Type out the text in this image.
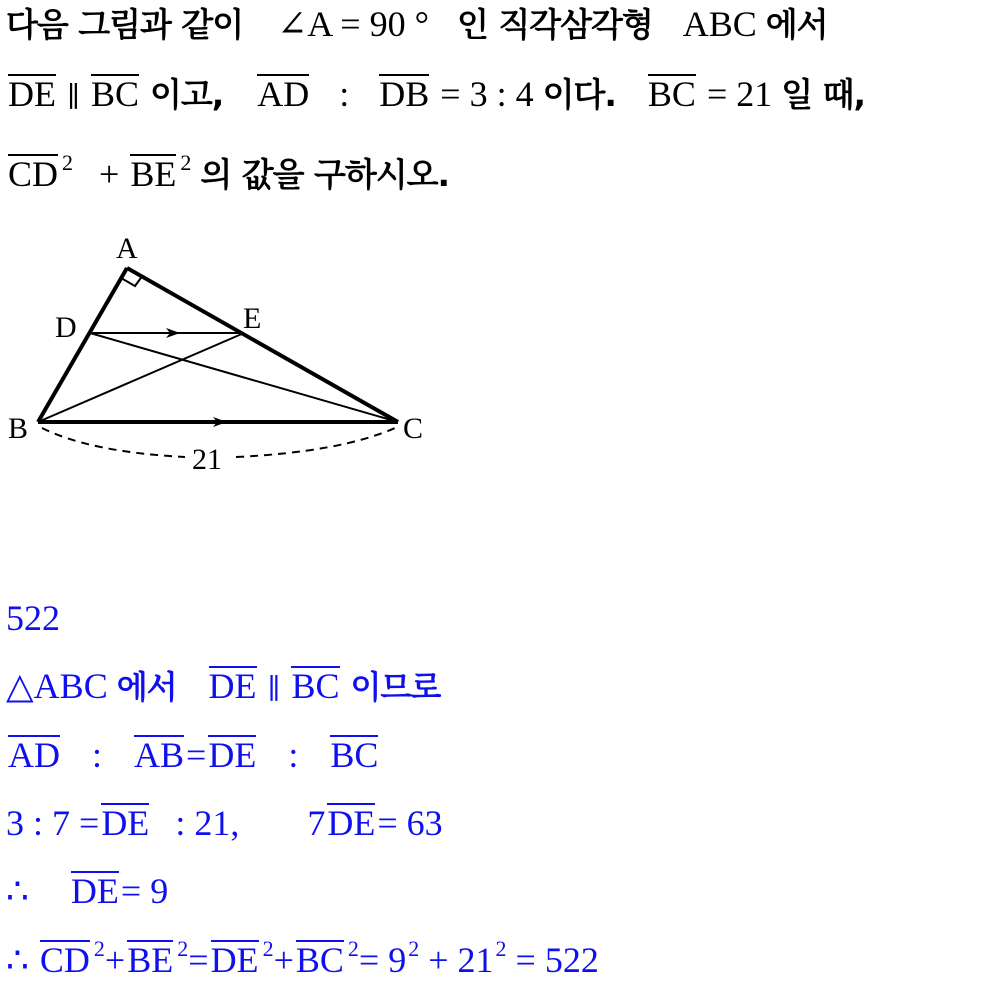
다음 그림과 같이 ∠A = 90 ° 인 직각삼각형 ABC 에서
DE ∥ BC 이고, AD : DB = 3 : 4 이다. BC = 21 일 때,
CD $^2$ + BE $^2$ 의 값을 구하시오.
A
D	E
B	C
21
522
△ABC 에서 DE ∥ BC 이므로
AD : AB=DE : BC
3 : 7 =DE : 21, 7DE= 63
∴ DE= 9
∴ CD $^2$+BE $^2$=DE $^2$+BC $^2= 9^2 + 21^2 = 522$
